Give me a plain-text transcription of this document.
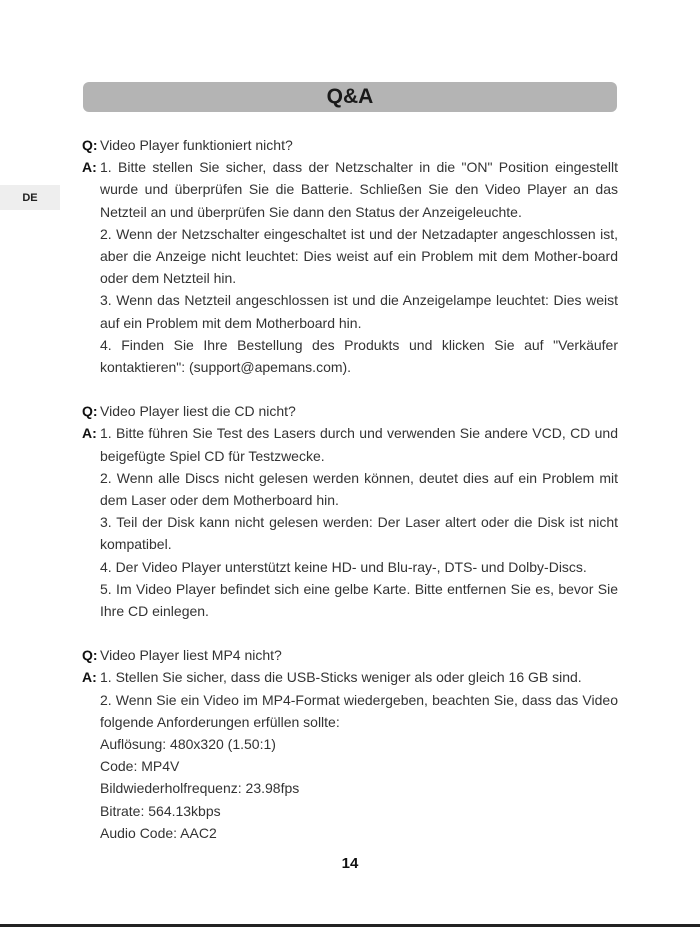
DE
Q&A
Q: Video Player funktioniert nicht?
A: 1. Bitte stellen Sie sicher, dass der Netzschalter in die "ON" Position eingestellt wurde und überprüfen Sie die Batterie. Schließen Sie den Video Player an das Netzteil an und überprüfen Sie dann den Status der Anzeigeleuchte.
2. Wenn der Netzschalter eingeschaltet ist und der Netzadapter angeschlossen ist, aber die Anzeige nicht leuchtet: Dies weist auf ein Problem mit dem Mother-board oder dem Netzteil hin.
3. Wenn das Netzteil angeschlossen ist und die Anzeigelampe leuchtet: Dies weist auf ein Problem mit dem Motherboard hin.
4. Finden Sie Ihre Bestellung des Produkts und klicken Sie auf "Verkäufer kontaktieren": (support@apemans.com).
Q: Video Player liest die CD nicht?
A: 1. Bitte führen Sie Test des Lasers durch und verwenden Sie andere VCD, CD und beigefügte Spiel CD für Testzwecke.
2. Wenn alle Discs nicht gelesen werden können, deutet dies auf ein Problem mit dem Laser oder dem Motherboard hin.
3. Teil der Disk kann nicht gelesen werden: Der Laser altert oder die Disk ist nicht kompatibel.
4. Der Video Player unterstützt keine HD- und Blu-ray-, DTS- und Dolby-Discs.
5. Im Video Player befindet sich eine gelbe Karte. Bitte entfernen Sie es, bevor Sie Ihre CD einlegen.
Q: Video Player liest MP4 nicht?
A: 1. Stellen Sie sicher, dass die USB-Sticks weniger als oder gleich 16 GB sind.
2. Wenn Sie ein Video im MP4-Format wiedergeben, beachten Sie, dass das Video folgende Anforderungen erfüllen sollte:
Auflösung: 480x320 (1.50:1)
Code: MP4V
Bildwiederholfrequenz: 23.98fps
Bitrate: 564.13kbps
Audio Code: AAC2
14
